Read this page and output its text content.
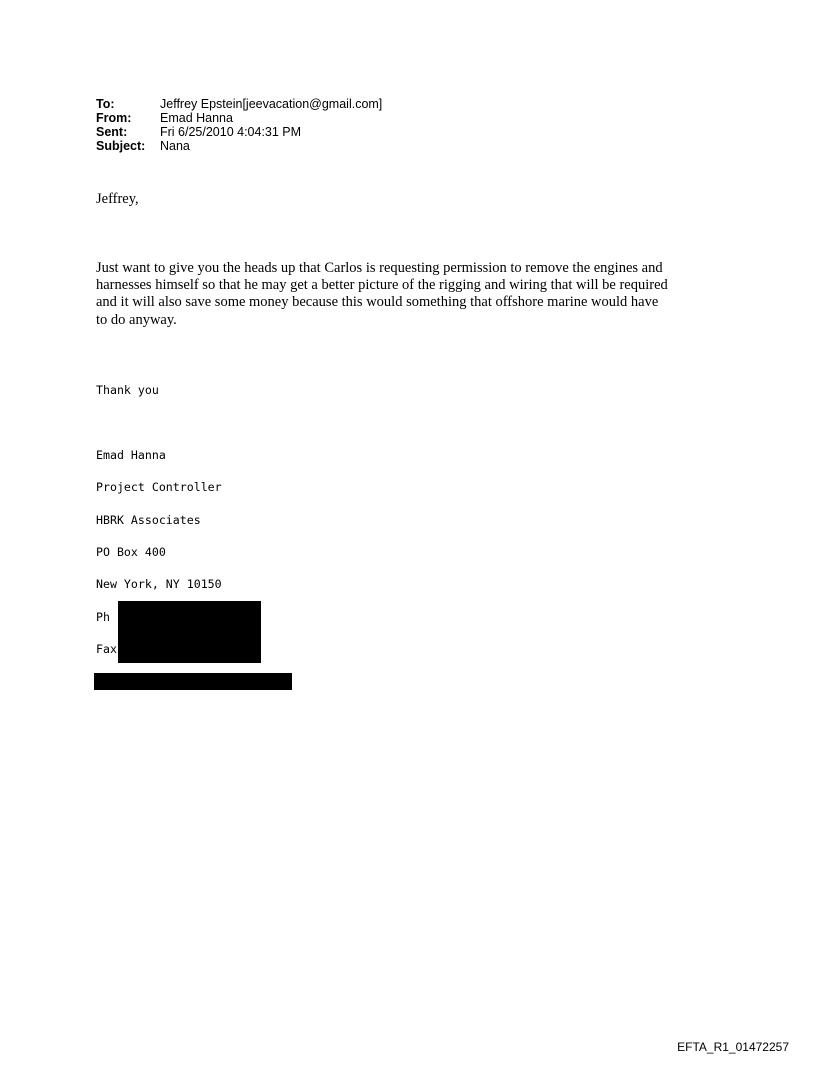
To:	Jeffrey Epstein[jeevacation@gmail.com]
From:	Emad Hanna
Sent:	Fri 6/25/2010 4:04:31 PM
Subject:	Nana
Jeffrey,
Just want to give you the heads up that Carlos is requesting permission to remove the engines and
harnesses himself so that he may get a better picture of the rigging and wiring that will be required
and it will also save some money because this would something that offshore marine would have
to do anyway.
Thank you
Emad Hanna
Project Controller
HBRK Associates
PO Box 400
New York, NY 10150
Ph
Fax
EFTA_R1_01472257
